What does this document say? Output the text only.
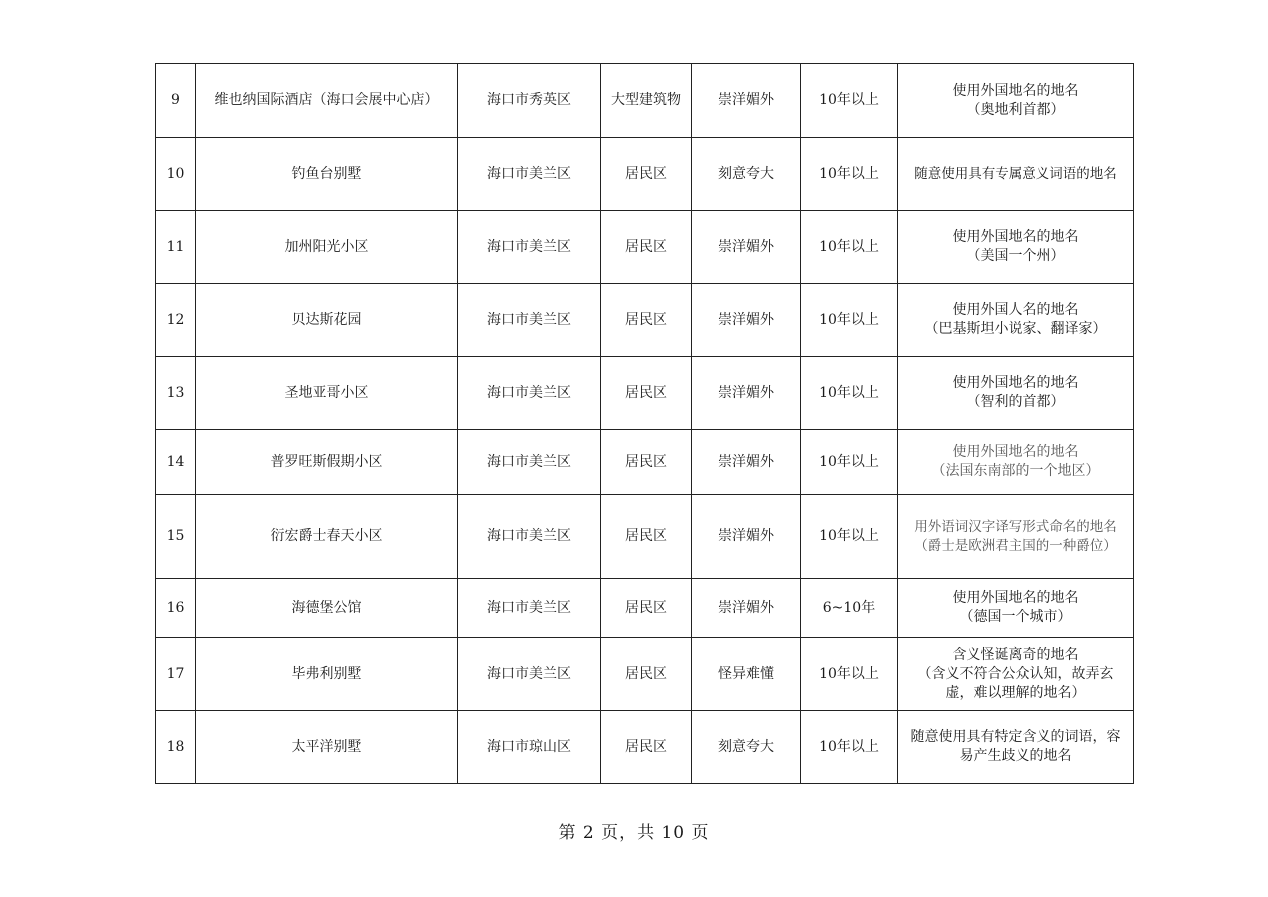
9	维也纳国际酒店（海口会展中心店）	海口市秀英区	大型建筑物	崇洋媚外	10年以上	使用外国地名的地名
（奥地利首都）

10	钓鱼台别墅	海口市美兰区	居民区	刻意夸大	10年以上	随意使用具有专属意义词语的地名

11	加州阳光小区	海口市美兰区	居民区	崇洋媚外	10年以上	使用外国地名的地名
（美国一个州）

12	贝达斯花园	海口市美兰区	居民区	崇洋媚外	10年以上	使用外国人名的地名
（巴基斯坦小说家、翻译家）

13	圣地亚哥小区	海口市美兰区	居民区	崇洋媚外	10年以上	使用外国地名的地名
（智利的首都）

14	普罗旺斯假期小区	海口市美兰区	居民区	崇洋媚外	10年以上	使用外国地名的地名
（法国东南部的一个地区）

15	衍宏爵士春天小区	海口市美兰区	居民区	崇洋媚外	10年以上	用外语词汉字译写形式命名的地名
（爵士是欧洲君主国的一种爵位）

16	海德堡公馆	海口市美兰区	居民区	崇洋媚外	6~10年	使用外国地名的地名
（德国一个城市）

17	毕弗利别墅	海口市美兰区	居民区	怪异难懂	10年以上	含义怪诞离奇的地名
（含义不符合公众认知，故弄玄
虚，难以理解的地名）

18	太平洋别墅	海口市琼山区	居民区	刻意夸大	10年以上	随意使用具有特定含义的词语，容
易产生歧义的地名
第 2 页，共 10 页
